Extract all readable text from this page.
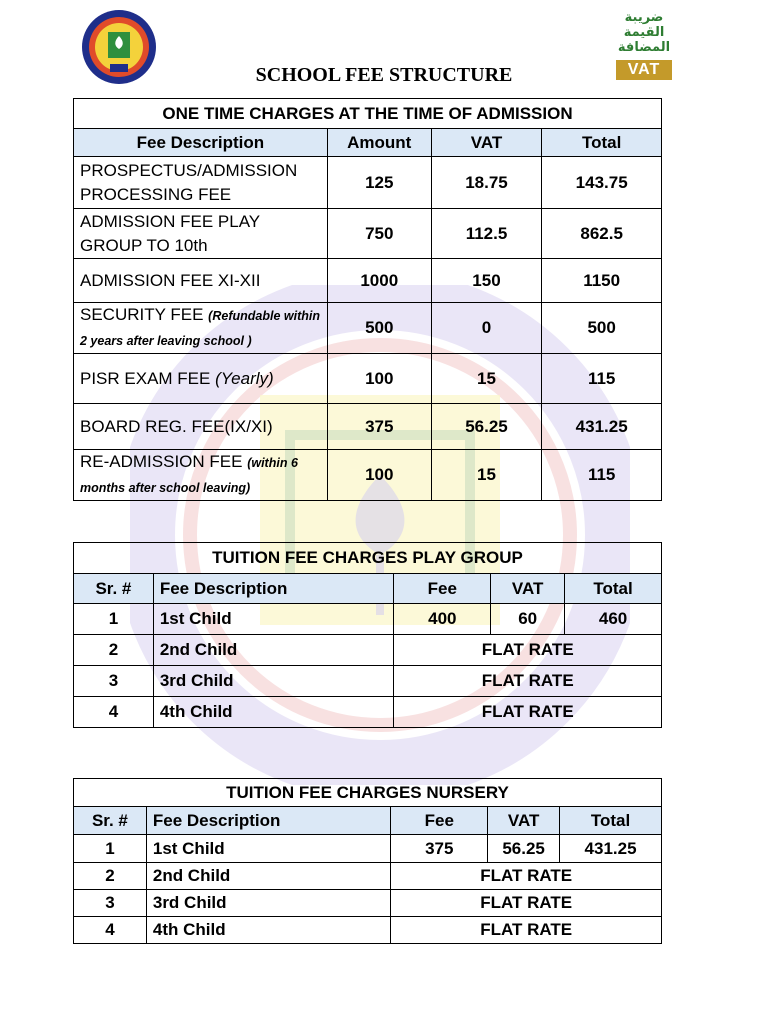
ضريبة
القيمة
المضافة
VAT
SCHOOL FEE STRUCTURE
ONE TIME CHARGES AT THE TIME OF ADMISSION			
Fee Description	Amount	VAT	Total
PROSPECTUS/ADMISSION PROCESSING FEE	125	18.75	143.75
ADMISSION FEE PLAY GROUP TO 10th	750	112.5	862.5
ADMISSION FEE XI-XII	1000	150	1150
SECURITY FEE (Refundable within 2 years after leaving school )	500	0	500
PISR EXAM FEE (Yearly)	100	15	115
BOARD REG. FEE(IX/XI)	375	56.25	431.25
RE-ADMISSION FEE (within 6 months after school leaving)	100	15	115
TUITION FEE CHARGES PLAY GROUP				
Sr. #	Fee Description	Fee	VAT	Total
1	1st Child	400	60	460
2	2nd Child	FLAT RATE		
3	3rd Child	FLAT RATE		
4	4th Child	FLAT RATE		
TUITION FEE CHARGES NURSERY				
Sr. #	Fee Description	Fee	VAT	Total
1	1st Child	375	56.25	431.25
2	2nd Child	FLAT RATE		
3	3rd Child	FLAT RATE		
4	4th Child	FLAT RATE		
